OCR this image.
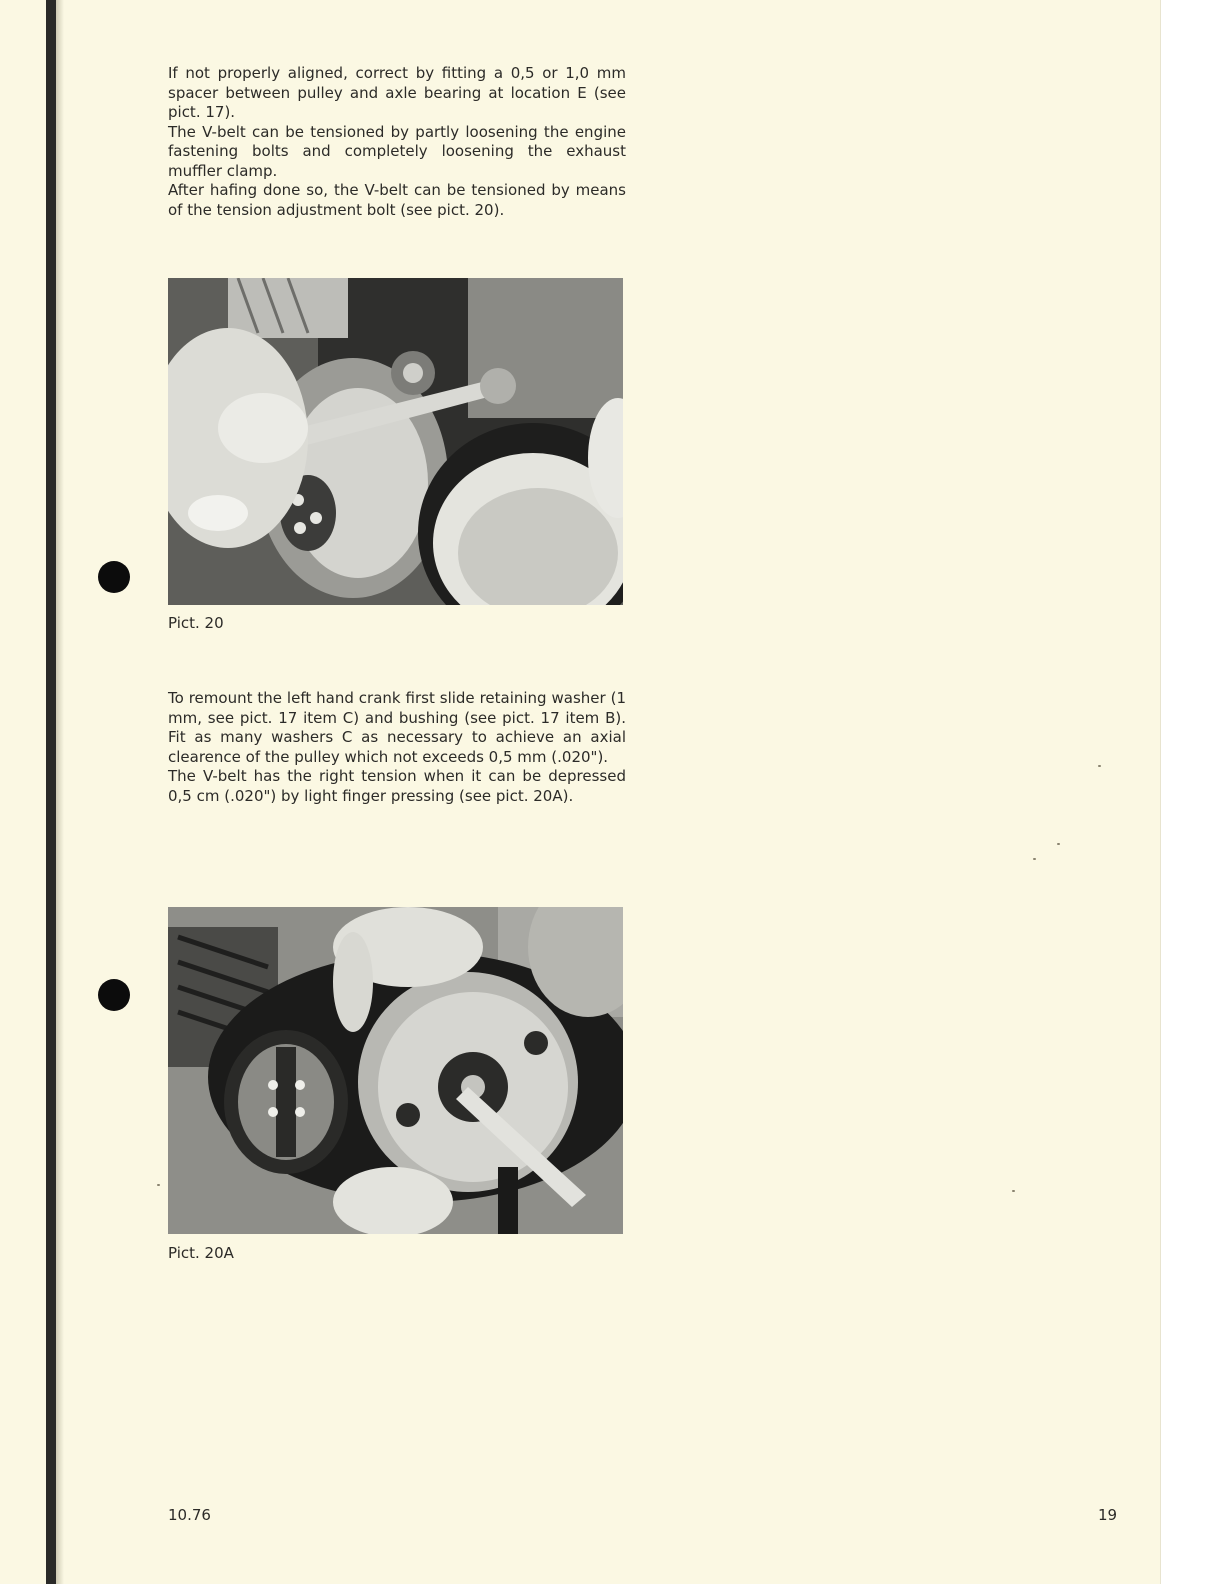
If not properly aligned, correct by fitting a 0,5 or 1,0 mm spacer between pulley and axle bearing at location E (see pict. 17).

The V-belt can be tensioned by partly loosening the engine fastening bolts and completely loosening the exhaust muffler clamp.

After hafing done so, the V-belt can be tensioned by means of the tension adjustment bolt (see pict. 20).

Pict. 20

To remount the left hand crank first slide retaining washer (1 mm, see pict. 17 item C) and bushing (see pict. 17 item B). Fit as many washers C as necessary to achieve an axial clearence of the pulley which not exceeds 0,5 mm (.020").

The V-belt has the right tension when it can be depressed 0,5 cm (.020") by light finger pressing (see pict. 20A).

Pict. 20A
10.76	19
